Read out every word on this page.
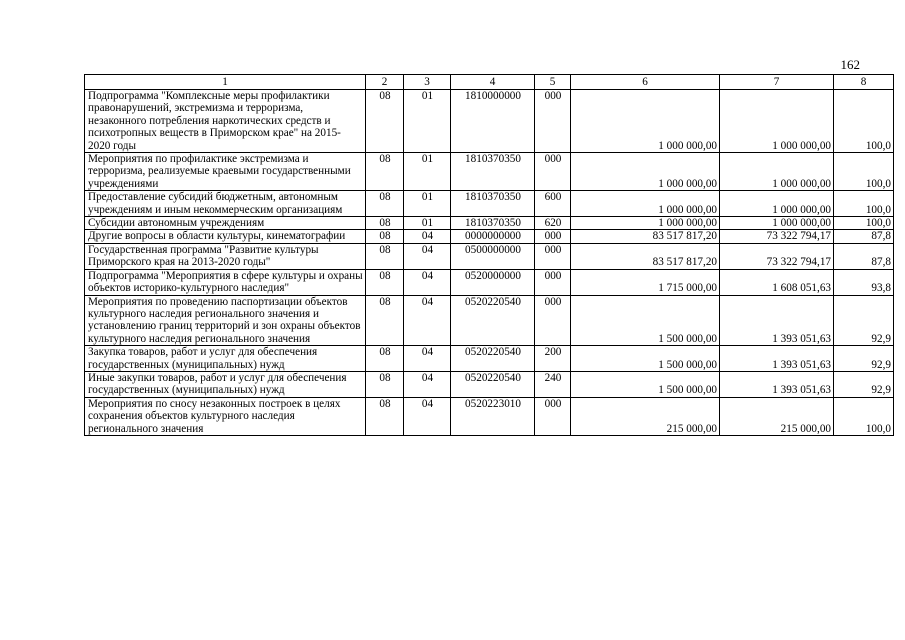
162
1	2	3	4	5	6	7	8
Подпрограмма "Комплексные меры профилактики правонарушений, экстремизма и терроризма, незаконного потребления наркотических средств и психотропных веществ в Приморском крае" на 2015-2020 годы	08	01	1810000000	000	1 000 000,00	1 000 000,00	100,0
Мероприятия по профилактике экстремизма и терроризма, реализуемые краевыми государственными учреждениями	08	01	1810370350	000	1 000 000,00	1 000 000,00	100,0
Предоставление субсидий бюджетным, автономным учреждениям и иным некоммерческим организациям	08	01	1810370350	600	1 000 000,00	1 000 000,00	100,0
Субсидии автономным учреждениям	08	01	1810370350	620	1 000 000,00	1 000 000,00	100,0
Другие вопросы в области культуры, кинематографии	08	04	0000000000	000	83 517 817,20	73 322 794,17	87,8
Государственная программа "Развитие культуры Приморского края на 2013-2020 годы"	08	04	0500000000	000	83 517 817,20	73 322 794,17	87,8
Подпрограмма "Мероприятия в сфере культуры и охраны объектов историко-культурного наследия"	08	04	0520000000	000	1 715 000,00	1 608 051,63	93,8
Мероприятия по проведению паспортизации объектов культурного наследия регионального значения и установлению границ территорий и зон охраны объектов культурного наследия регионального значения	08	04	0520220540	000	1 500 000,00	1 393 051,63	92,9
Закупка товаров, работ и услуг для обеспечения государственных (муниципальных) нужд	08	04	0520220540	200	1 500 000,00	1 393 051,63	92,9
Иные закупки товаров, работ и услуг для обеспечения государственных (муниципальных) нужд	08	04	0520220540	240	1 500 000,00	1 393 051,63	92,9
Мероприятия по сносу незаконных построек в целях сохранения объектов культурного наследия регионального значения	08	04	0520223010	000	215 000,00	215 000,00	100,0
